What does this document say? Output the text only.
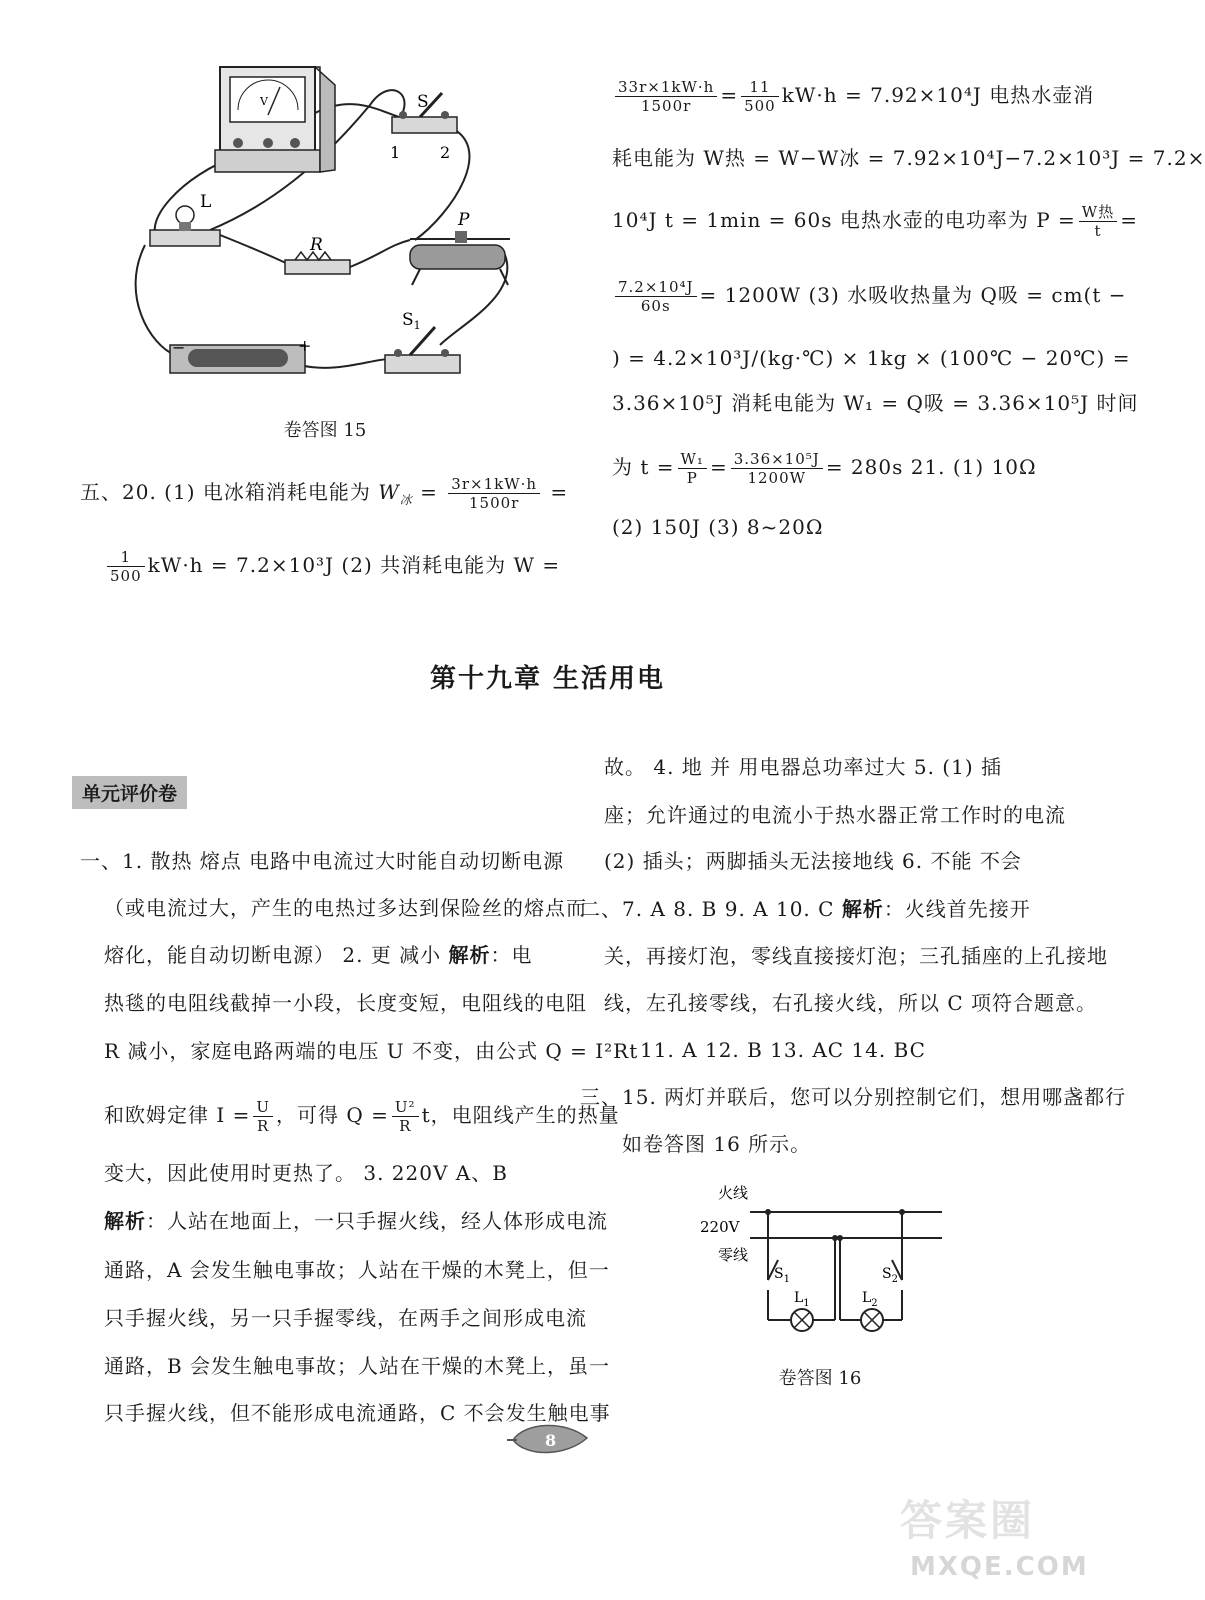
V	S
1 2
L
R
P
−	+
$S_1$
卷答图 15
五、20. (1) 电冰箱消耗电能为 $W_冰 = \frac{3r\times 1kW\cdot h}{1500r}$ =
$\frac{1}{500} kW\cdot h = 7.2\times 10^3J$ (2) 共消耗电能为 W =
$\frac{33r\times 1kW\cdot h}{1500r} = \frac{11}{500} kW\cdot h = 7.92\times 10^4J$ 电热水壶消
耗电能为 W热 = W−W冰 = 7.92×10⁴J−7.2×10³J = 7.2×
10⁴J t = 1min = 60s 电热水壶的电功率为 $P = \frac{\text{W热}}{t}$ =
$\frac{\text{7.2×10⁴J}}{60s} = 1200W$ (3) 水吸收热量为 Q吸 = cm(t −
) = 4.2×10³J/(kg·℃) × 1kg × (100℃ − 20℃) =
3.36×10⁵J 消耗电能为 W₁ = Q吸 = 3.36×10⁵J 时间
为 $t = \frac{\text{W₁}}{P} = \frac{\text{3.36×10⁵J}}{1200W} = 280s$ 21. (1) 10Ω
(2) 150J (3) 8~20Ω
第十九章 生活用电
单元评价卷
一、1. 散热 熔点 电路中电流过大时能自动切断电源
（或电流过大，产生的电热过多达到保险丝的熔点而
熔化，能自动切断电源） 2. 更 减小 解析：电
热毯的电阻线截掉一小段，长度变短，电阻线的电阻
R 减小，家庭电路两端的电压 U 不变，由公式 Q = I²Rt
和欧姆定律 $I = \frac{U}{R}$ ，可得 $Q = \frac{\text{U²}}{R}$ t，电阻线产生的热量
变大，因此使用时更热了。 3. 220V A、B
解析：人站在地面上，一只手握火线，经人体形成电流
通路，A 会发生触电事故；人站在干燥的木凳上，但一
只手握火线，另一只手握零线，在两手之间形成电流
通路，B 会发生触电事故；人站在干燥的木凳上，虽一
只手握火线，但不能形成电流通路，C 不会发生触电事
故。 4. 地 并 用电器总功率过大 5. (1) 插
座；允许通过的电流小于热水器正常工作时的电流
(2) 插头；两脚插头无法接地线 6. 不能 不会
二、7. A 8. B 9. A 10. C 解析：火线首先接开
关，再接灯泡，零线直接接灯泡；三孔插座的上孔接地
线，左孔接零线，右孔接火线，所以 C 项符合题意。
11. A 12. B 13. AC 14. BC
三、15. 两灯并联后，您可以分别控制它们，想用哪盏都行
如卷答图 16 所示。
火线
220V
零线
$S_1$
$L_1$
$S_2$
$L_2$
卷答图 16
8
答案圈
MXQE.COM
